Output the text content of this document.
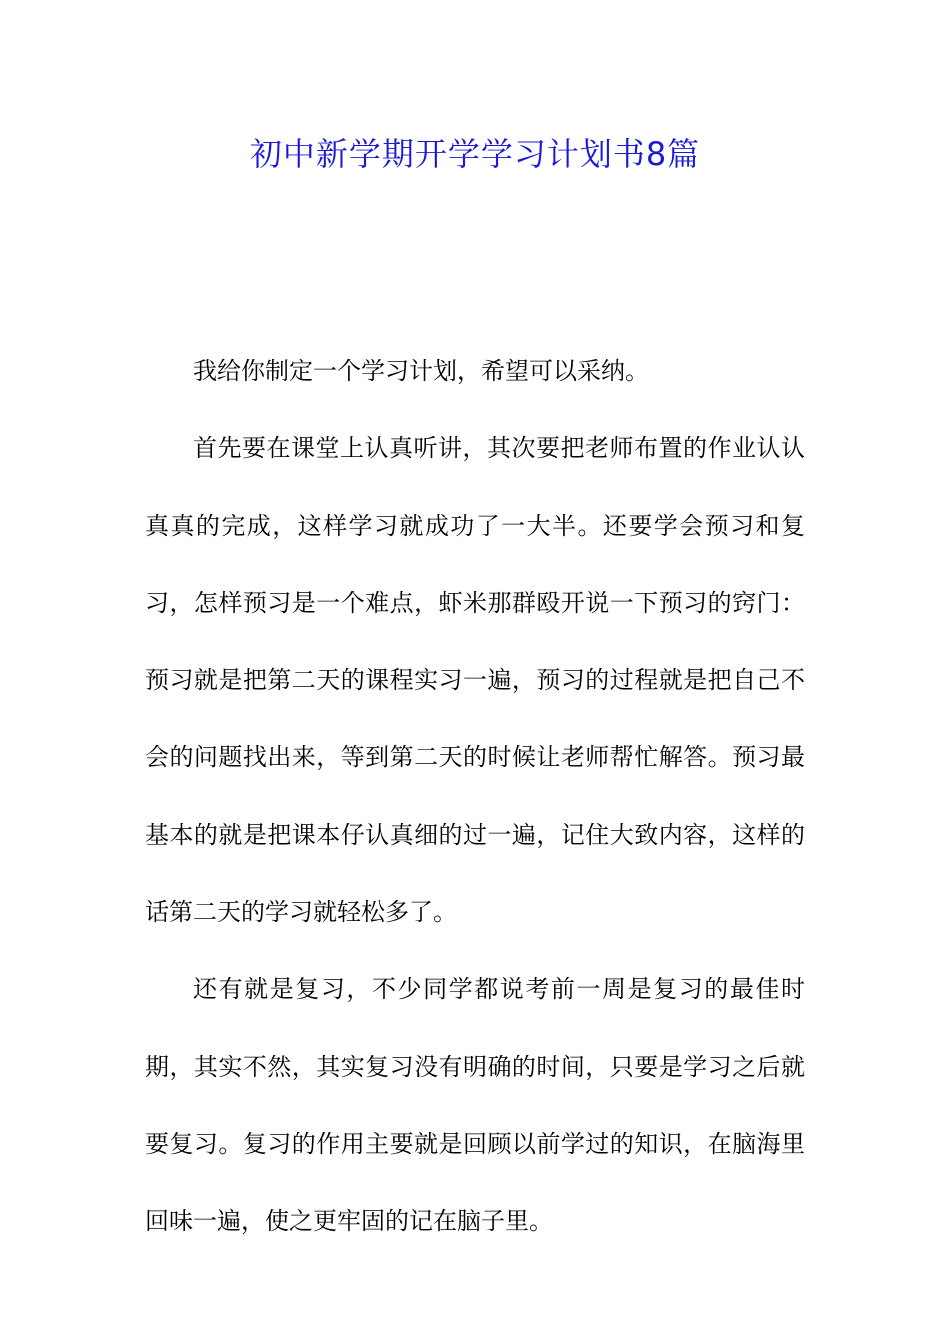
初中新学期开学学习计划书8篇

我给你制定一个学习计划，希望可以采纳。

首先要在课堂上认真听讲，其次要把老师布置的作业认认真真的完成，这样学习就成功了一大半。还要学会预习和复习，怎样预习是一个难点，虾米那群殴开说一下预习的窍门：预习就是把第二天的课程实习一遍，预习的过程就是把自己不会的问题找出来，等到第二天的时候让老师帮忙解答。预习最基本的就是把课本仔认真细的过一遍，记住大致内容，这样的话第二天的学习就轻松多了。

还有就是复习，不少同学都说考前一周是复习的最佳时期，其实不然，其实复习没有明确的时间，只要是学习之后就要复习。复习的作用主要就是回顾以前学过的知识，在脑海里回味一遍，使之更牢固的记在脑子里。
